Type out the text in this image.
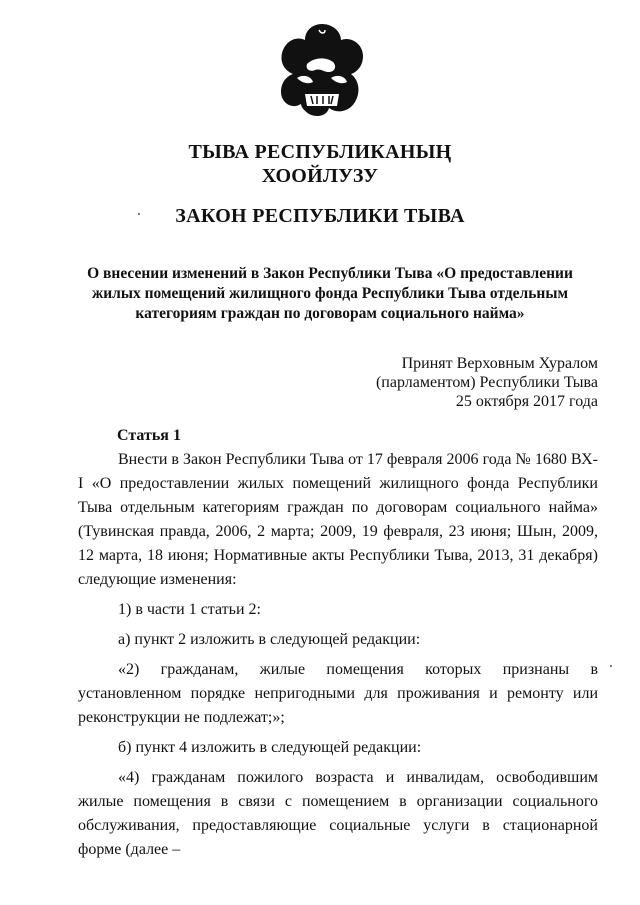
ТЫВА РЕСПУБЛИКАНЫҢ
ХООЙЛУЗУ
ЗАКОН РЕСПУБЛИКИ ТЫВА
О внесении изменений в Закон Республики Тыва «О предоставлении жилых помещений жилищного фонда Республики Тыва отдельным категориям граждан по договорам социального найма»
Принят Верховным Хуралом
(парламентом) Республики Тыва
25 октября 2017 года
Статья 1

Внести в Закон Республики Тыва от 17 февраля 2006 года № 1680 ВХ-I «О предоставлении жилых помещений жилищного фонда Республики Тыва отдельным категориям граждан по договорам социального найма» (Тувинская правда, 2006, 2 марта; 2009, 19 февраля, 23 июня; Шын, 2009, 12 марта, 18 июня; Нормативные акты Республики Тыва, 2013, 31 декабря) следующие изменения:

1) в части 1 статьи 2:

а) пункт 2 изложить в следующей редакции:

«2) гражданам, жилые помещения которых признаны в установленном порядке непригодными для проживания и ремонту или реконструкции не подлежат;»;

б) пункт 4 изложить в следующей редакции:

«4) гражданам пожилого возраста и инвалидам, освободившим жилые помещения в связи с помещением в организации социального обслуживания, предоставляющие социальные услуги в стационарной форме (далее –
